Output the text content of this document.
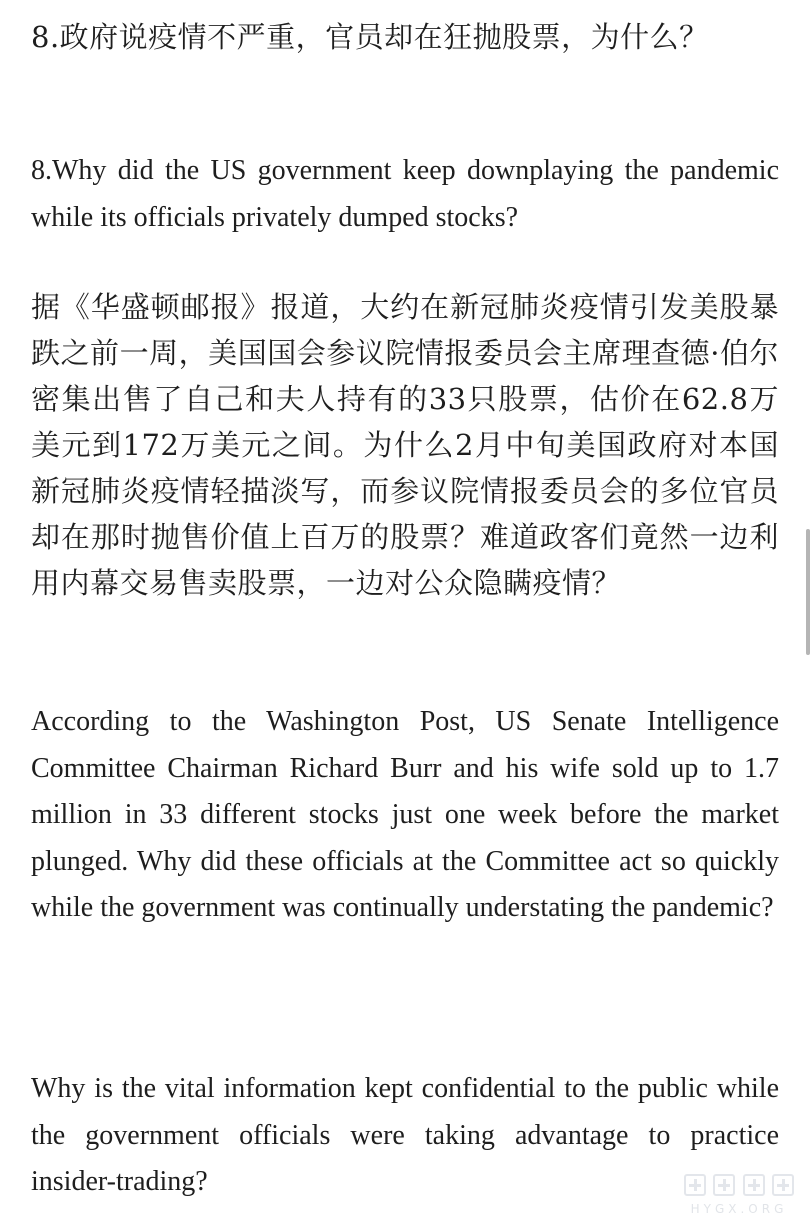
8.政府说疫情不严重，官员却在狂抛股票，为什么？

8.Why did the US government keep downplaying the pandemic while its officials privately dumped stocks?

据《华盛顿邮报》报道，大约在新冠肺炎疫情引发美股暴跌之前一周，美国国会参议院情报委员会主席理查德·伯尔密集出售了自己和夫人持有的33只股票，估价在62.8万美元到172万美元之间。为什么2月中旬美国政府对本国新冠肺炎疫情轻描淡写，而参议院情报委员会的多位官员却在那时抛售价值上百万的股票？难道政客们竟然一边利用内幕交易售卖股票，一边对公众隐瞒疫情？

According to the Washington Post, US Senate Intelligence Committee Chairman Richard Burr and his wife sold up to 1.7 million in 33 different stocks just one week before the market plunged. Why did these officials at the Committee act so quickly while the government was continually understating the pandemic?

Why is the vital information kept confidential to the public while the government officials were taking advantage to practice insider-trading?

HYGX.ORG
